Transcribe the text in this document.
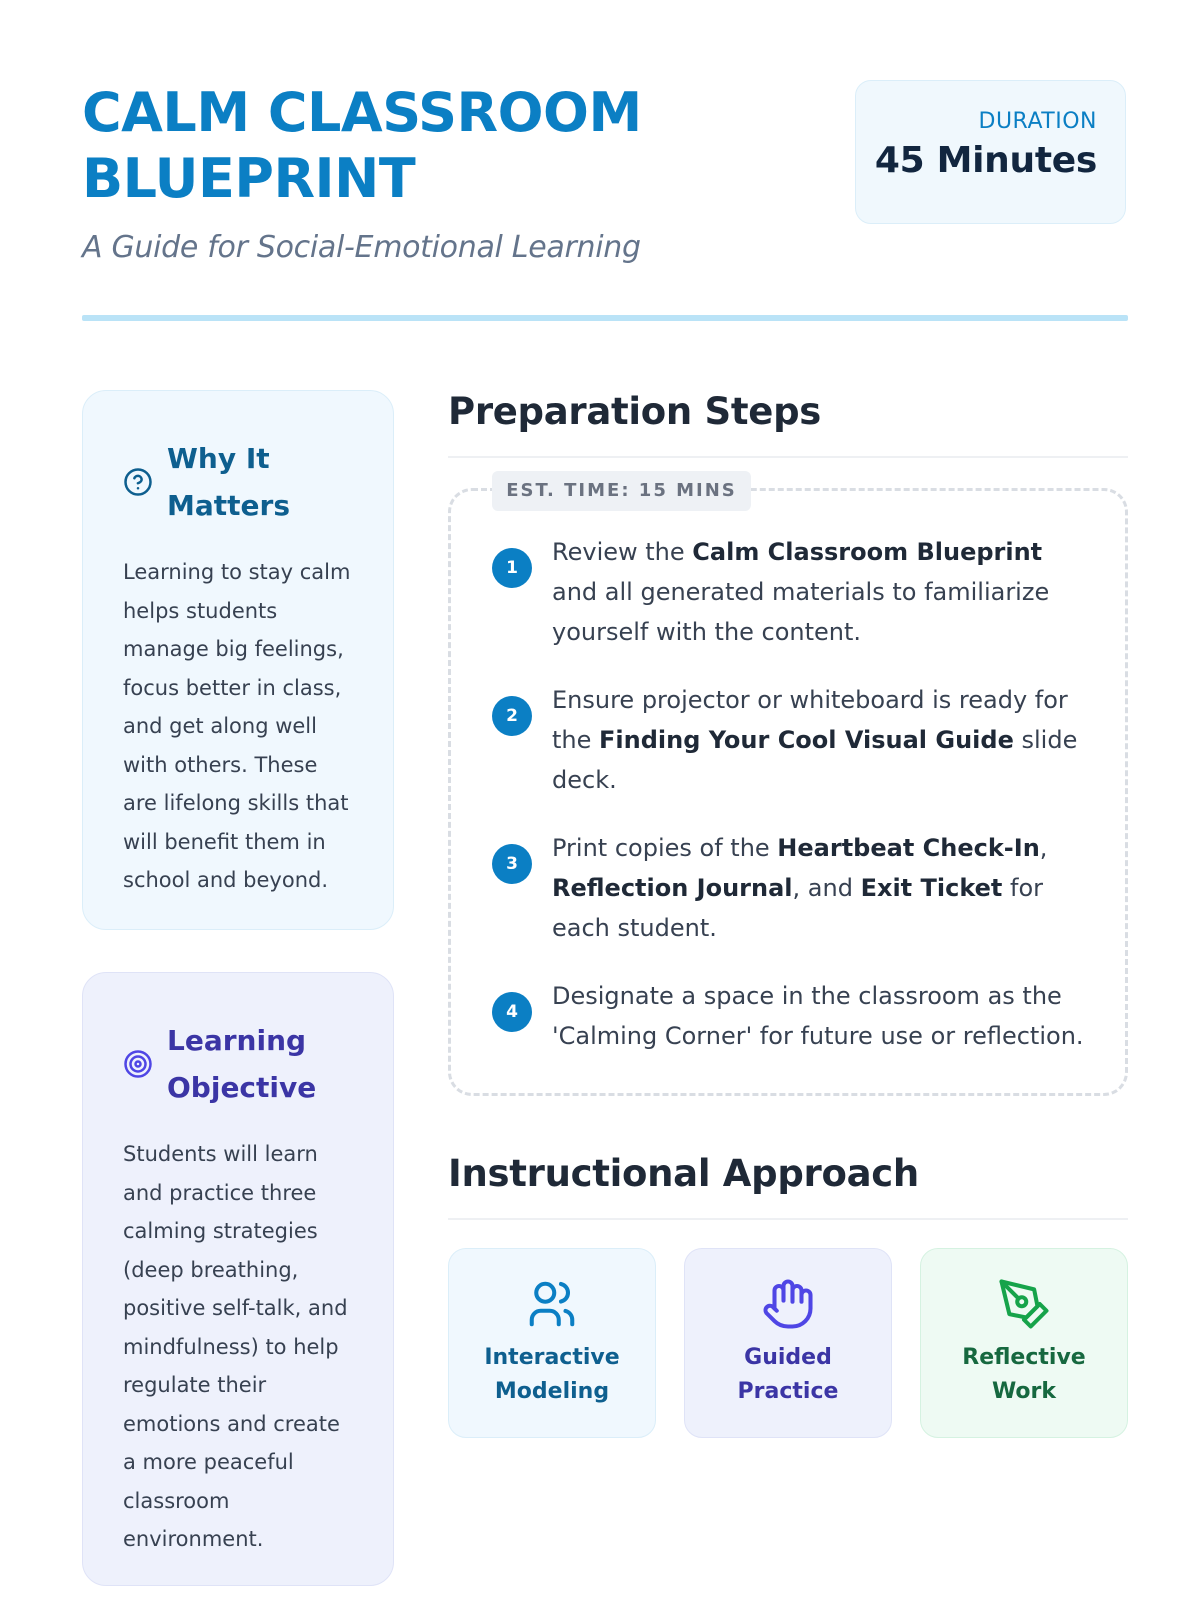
CALM CLASSROOM BLUEPRINT
A Guide for Social-Emotional Learning
DURATION
45 Minutes
Why It
Matters
Learning to stay calm helps students manage big feelings, focus better in class, and get along well with others. These are lifelong skills that will benefit them in school and beyond.
Learning
Objective
Students will learn and practice three calming strategies (deep breathing, positive self-talk, and mindfulness) to help regulate their emotions and create a more peaceful classroom environment.
Preparation Steps
EST. TIME: 15 MINS
1
Review the Calm Classroom Blueprint and all generated materials to familiarize yourself with the content.
2
Ensure projector or whiteboard is ready for the Finding Your Cool Visual Guide slide deck.
3
Print copies of the Heartbeat Check-In, Reflection Journal, and Exit Ticket for each student.
4
Designate a space in the classroom as the 'Calming Corner' for future use or reflection.
Instructional Approach
Interactive
Modeling
Guided
Practice
Reflective
Work
